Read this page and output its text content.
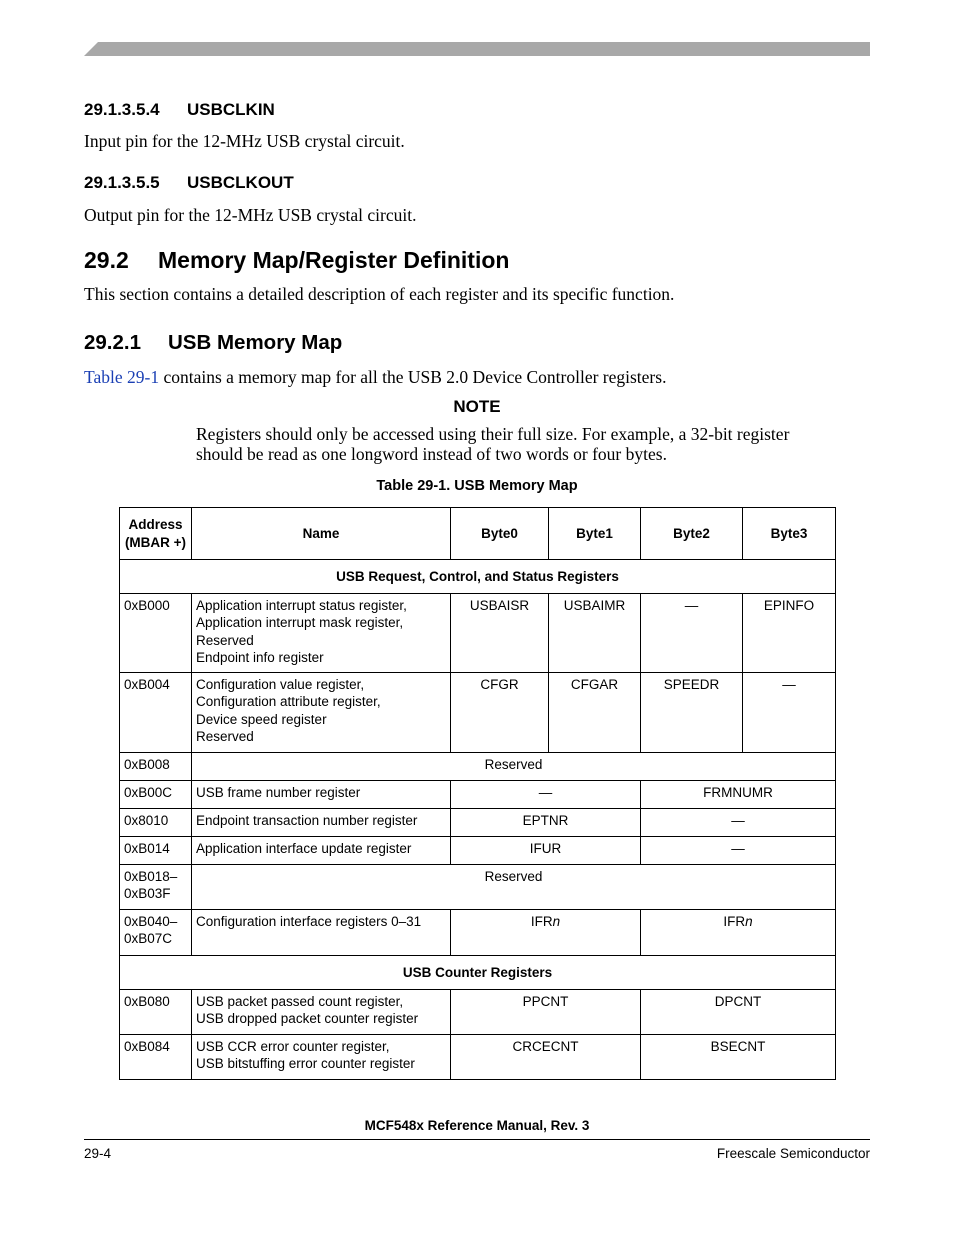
29.1.3.5.4 USBCLKIN
Input pin for the 12-MHz USB crystal circuit.
29.1.3.5.5 USBCLKOUT
Output pin for the 12-MHz USB crystal circuit.
29.2 Memory Map/Register Definition
This section contains a detailed description of each register and its specific function.
29.2.1 USB Memory Map
Table 29-1 contains a memory map for all the USB 2.0 Device Controller registers.
NOTE
Registers should only be accessed using their full size. For example, a 32-bit register should be read as one longword instead of two words or four bytes.
Table 29-1. USB Memory Map
Address (MBAR +)	Name	Byte0	Byte1	Byte2	Byte3
USB Request, Control, and Status Registers					
0xB000	Application interrupt status register,
Application interrupt mask register,
Reserved
Endpoint info register	USBAISR	USBAIMR	—	EPINFO
0xB004	Configuration value register,
Configuration attribute register,
Device speed register
Reserved	CFGR	CFGAR	SPEEDR	—
0xB008	Reserved				
0xB00C	USB frame number register	—		FRMNUMR	
0x8010	Endpoint transaction number register	EPTNR		—	
0xB014	Application interface update register	IFUR		—	

0xB018–
0xB03F	Reserved				

0xB040–
0xB07C	Configuration interface registers 0–31	IFRn		IFRn	
USB Counter Registers					
0xB080	USB packet passed count register,
USB dropped packet counter register	PPCNT		DPCNT	
0xB084	USB CCR error counter register,
USB bitstuffing error counter register	CRCECNT		BSECNT	
MCF548x Reference Manual, Rev. 3
29-4	Freescale Semiconductor
